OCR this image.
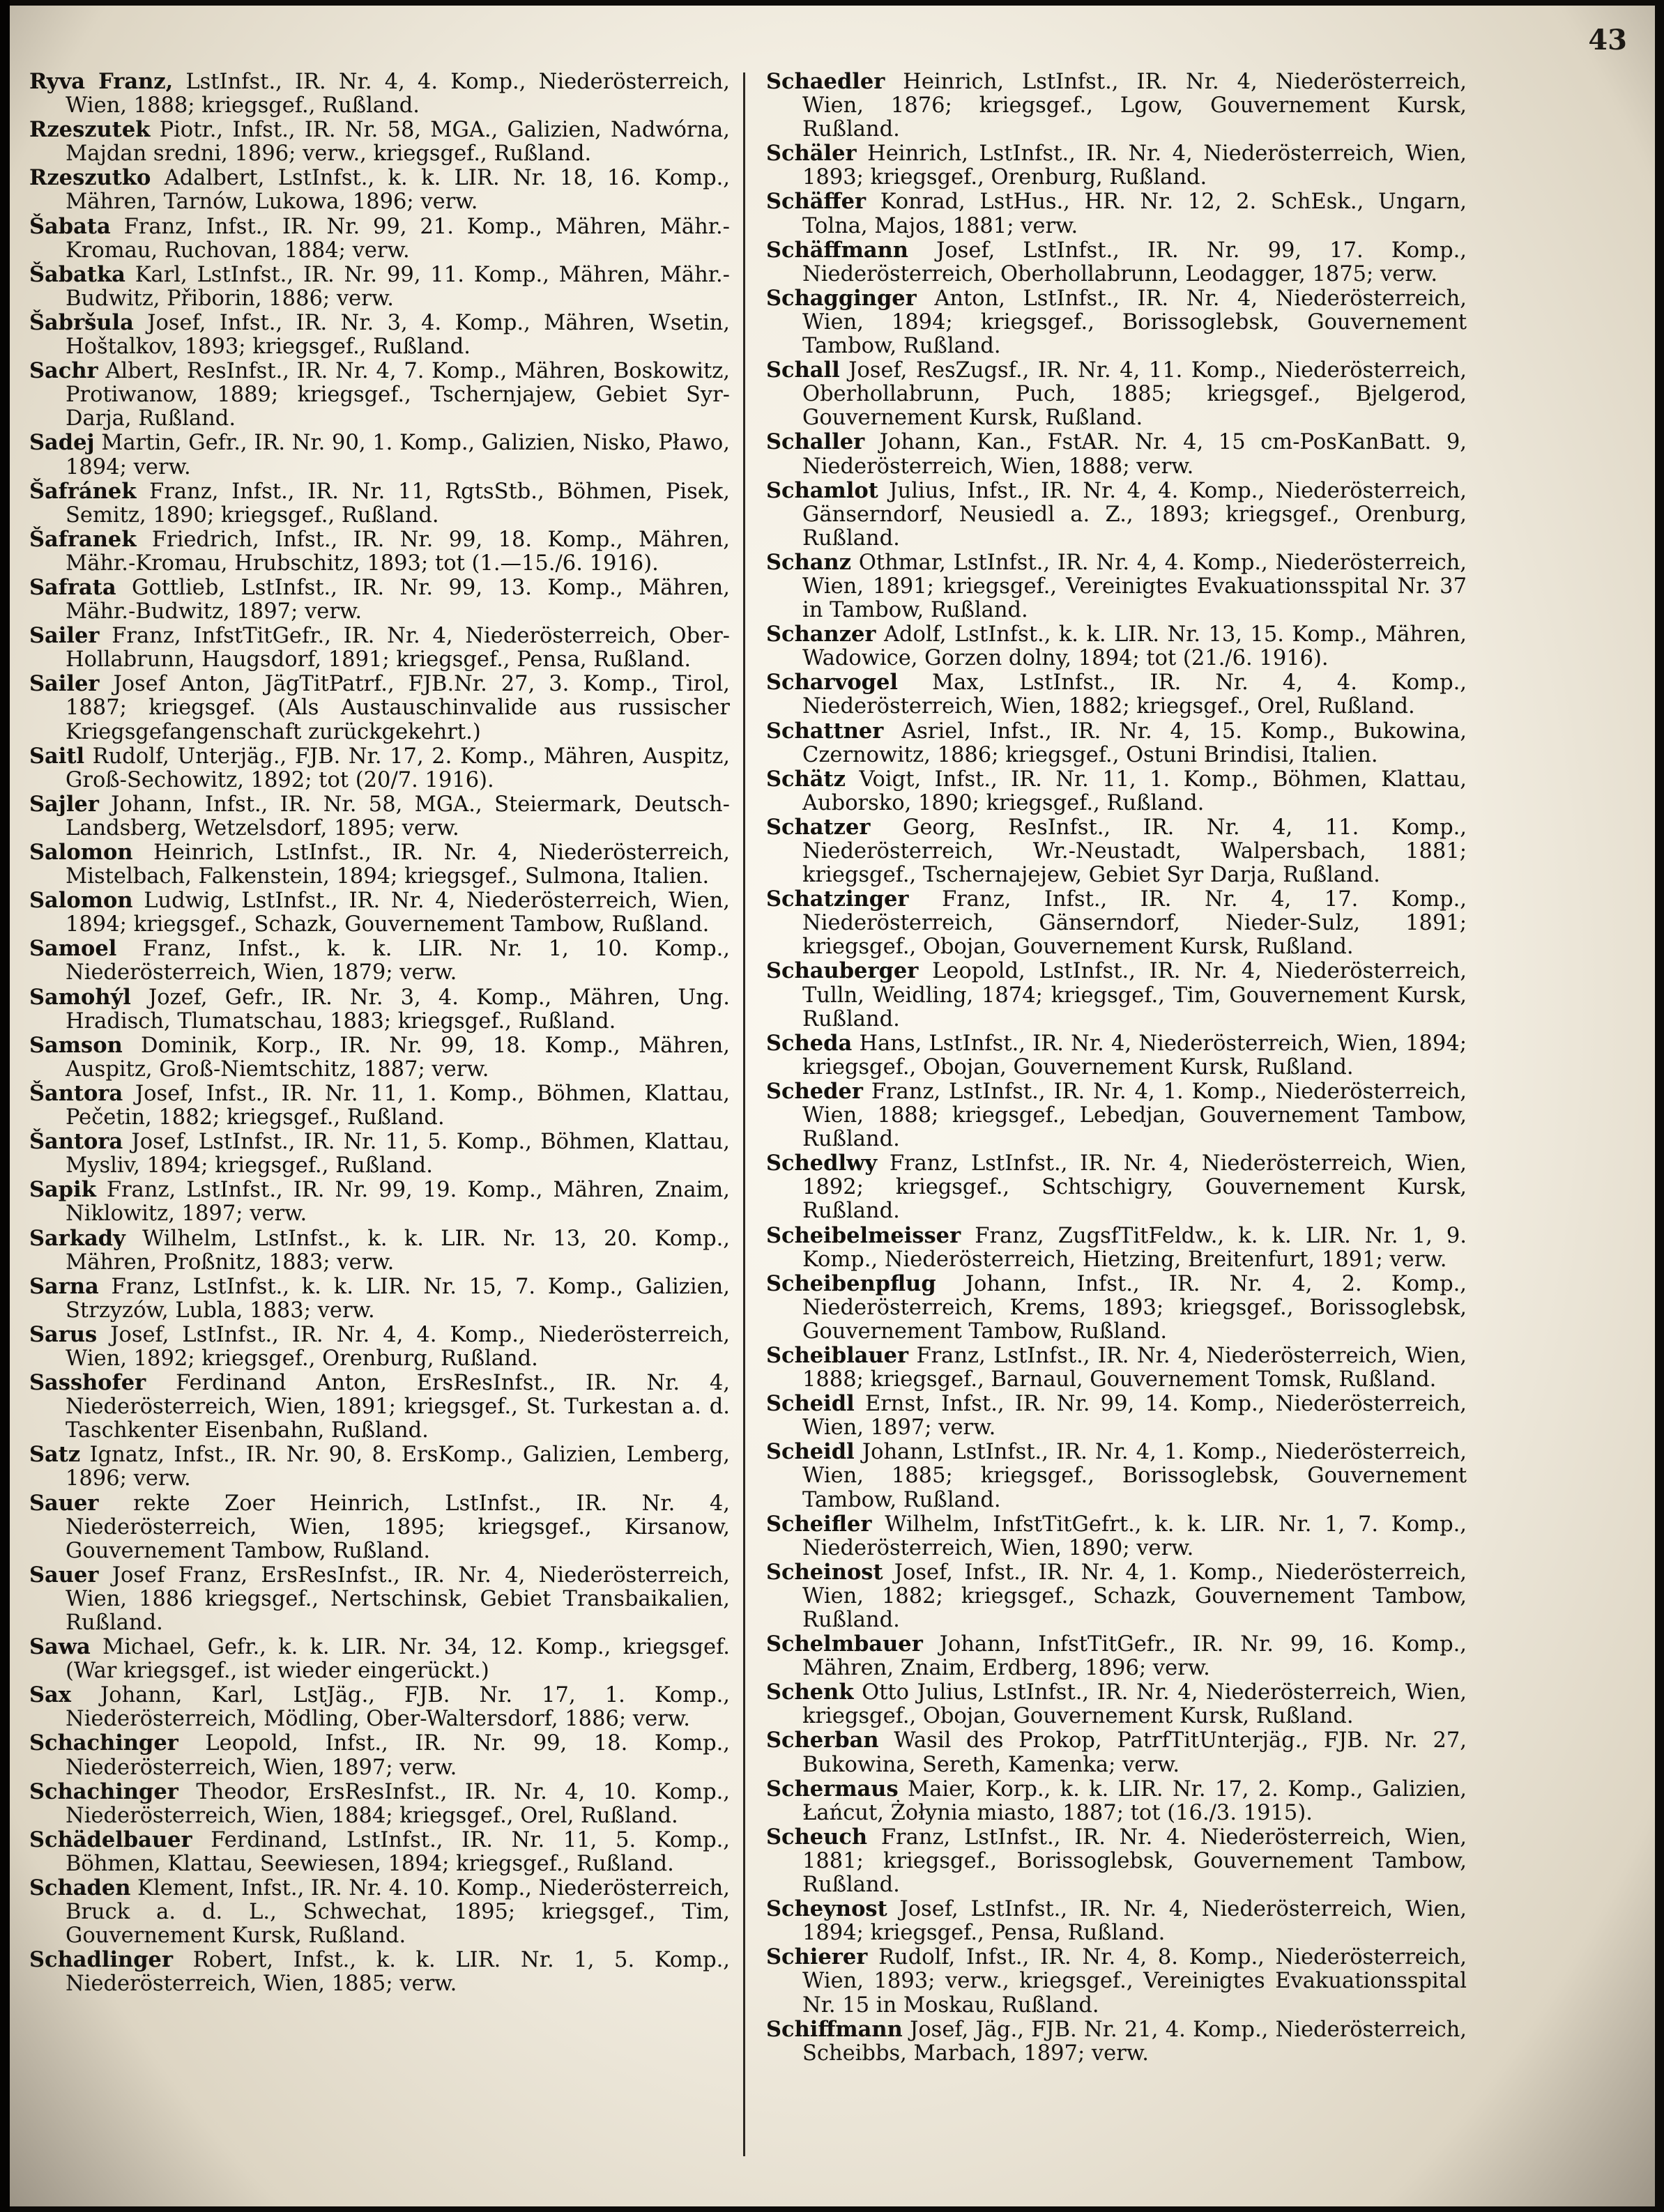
43

Ryva Franz, LstInfst., IR. Nr. 4, 4. Komp., Niederösterreich, Wien, 1888; kriegsgef., Rußland.

Rzeszutek Piotr., Infst., IR. Nr. 58, MGA., Galizien, Nadwórna, Majdan sredni, 1896; verw., kriegsgef., Rußland.

Rzeszutko Adalbert, LstInfst., k. k. LIR. Nr. 18, 16. Komp., Mähren, Tarnów, Lukowa, 1896; verw.

Šabata Franz, Infst., IR. Nr. 99, 21. Komp., Mähren, Mähr.-Kromau, Ruchovan, 1884; verw.

Šabatka Karl, LstInfst., IR. Nr. 99, 11. Komp., Mähren, Mähr.-Budwitz, Přiborin, 1886; verw.

Šabršula Josef, Infst., IR. Nr. 3, 4. Komp., Mähren, Wsetin, Hoštalkov, 1893; kriegsgef., Rußland.

Sachr Albert, ResInfst., IR. Nr. 4, 7. Komp., Mähren, Boskowitz, Protiwanow, 1889; kriegsgef., Tschernjajew, Gebiet Syr-Darja, Rußland.

Sadej Martin, Gefr., IR. Nr. 90, 1. Komp., Galizien, Nisko, Pławo, 1894; verw.

Šafránek Franz, Infst., IR. Nr. 11, RgtsStb., Böhmen, Pisek, Semitz, 1890; kriegsgef., Rußland.

Šafranek Friedrich, Infst., IR. Nr. 99, 18. Komp., Mähren, Mähr.-Kromau, Hrubschitz, 1893; tot (1.—15./6. 1916).

Safrata Gottlieb, LstInfst., IR. Nr. 99, 13. Komp., Mähren, Mähr.-Budwitz, 1897; verw.

Sailer Franz, InfstTitGefr., IR. Nr. 4, Niederösterreich, Ober-Hollabrunn, Haugsdorf, 1891; kriegsgef., Pensa, Rußland.

Sailer Josef Anton, JägTitPatrf., FJB.Nr. 27, 3. Komp., Tirol, 1887; kriegsgef. (Als Austauschinvalide aus russischer Kriegsgefangenschaft zurückgekehrt.)

Saitl Rudolf, Unterjäg., FJB. Nr. 17, 2. Komp., Mähren, Auspitz, Groß-Sechowitz, 1892; tot (20/7. 1916).

Sajler Johann, Infst., IR. Nr. 58, MGA., Steiermark, Deutsch-Landsberg, Wetzelsdorf, 1895; verw.

Salomon Heinrich, LstInfst., IR. Nr. 4, Niederösterreich, Mistelbach, Falkenstein, 1894; kriegsgef., Sulmona, Italien.

Salomon Ludwig, LstInfst., IR. Nr. 4, Niederösterreich, Wien, 1894; kriegsgef., Schazk, Gouvernement Tambow, Rußland.

Samoel Franz, Infst., k. k. LIR. Nr. 1, 10. Komp., Niederösterreich, Wien, 1879; verw.

Samohýl Jozef, Gefr., IR. Nr. 3, 4. Komp., Mähren, Ung. Hradisch, Tlumatschau, 1883; kriegsgef., Rußland.

Samson Dominik, Korp., IR. Nr. 99, 18. Komp., Mähren, Auspitz, Groß-Niemtschitz, 1887; verw.

Šantora Josef, Infst., IR. Nr. 11, 1. Komp., Böhmen, Klattau, Pečetin, 1882; kriegsgef., Rußland.

Šantora Josef, LstInfst., IR. Nr. 11, 5. Komp., Böhmen, Klattau, Mysliv, 1894; kriegsgef., Rußland.

Sapik Franz, LstInfst., IR. Nr. 99, 19. Komp., Mähren, Znaim, Niklowitz, 1897; verw.

Sarkady Wilhelm, LstInfst., k. k. LIR. Nr. 13, 20. Komp., Mähren, Proßnitz, 1883; verw.

Sarna Franz, LstInfst., k. k. LIR. Nr. 15, 7. Komp., Galizien, Strzyzów, Lubla, 1883; verw.

Sarus Josef, LstInfst., IR. Nr. 4, 4. Komp., Niederösterreich, Wien, 1892; kriegsgef., Orenburg, Rußland.

Sasshofer Ferdinand Anton, ErsResInfst., IR. Nr. 4, Niederösterreich, Wien, 1891; kriegsgef., St. Turkestan a. d. Taschkenter Eisenbahn, Rußland.

Satz Ignatz, Infst., IR. Nr. 90, 8. ErsKomp., Galizien, Lemberg, 1896; verw.

Sauer rekte Zoer Heinrich, LstInfst., IR. Nr. 4, Niederösterreich, Wien, 1895; kriegsgef., Kirsanow, Gouvernement Tambow, Rußland.

Sauer Josef Franz, ErsResInfst., IR. Nr. 4, Niederösterreich, Wien, 1886 kriegsgef., Nertschinsk, Gebiet Transbaikalien, Rußland.

Sawa Michael, Gefr., k. k. LIR. Nr. 34, 12. Komp., kriegsgef. (War kriegsgef., ist wieder eingerückt.)

Sax Johann, Karl, LstJäg., FJB. Nr. 17, 1. Komp., Niederösterreich, Mödling, Ober-Waltersdorf, 1886; verw.

Schachinger Leopold, Infst., IR. Nr. 99, 18. Komp., Niederösterreich, Wien, 1897; verw.

Schachinger Theodor, ErsResInfst., IR. Nr. 4, 10. Komp., Niederösterreich, Wien, 1884; kriegsgef., Orel, Rußland.

Schädelbauer Ferdinand, LstInfst., IR. Nr. 11, 5. Komp., Böhmen, Klattau, Seewiesen, 1894; kriegsgef., Rußland.

Schaden Klement, Infst., IR. Nr. 4. 10. Komp., Niederösterreich, Bruck a. d. L., Schwechat, 1895; kriegsgef., Tim, Gouvernement Kursk, Rußland.

Schadlinger Robert, Infst., k. k. LIR. Nr. 1, 5. Komp., Niederösterreich, Wien, 1885; verw.

Schaedler Heinrich, LstInfst., IR. Nr. 4, Niederösterreich, Wien, 1876; kriegsgef., Lgow, Gouvernement Kursk, Rußland.

Schäler Heinrich, LstInfst., IR. Nr. 4, Niederösterreich, Wien, 1893; kriegsgef., Orenburg, Rußland.

Schäffer Konrad, LstHus., HR. Nr. 12, 2. SchEsk., Ungarn, Tolna, Majos, 1881; verw.

Schäffmann Josef, LstInfst., IR. Nr. 99, 17. Komp., Niederösterreich, Oberhollabrunn, Leodagger, 1875; verw.

Schagginger Anton, LstInfst., IR. Nr. 4, Niederösterreich, Wien, 1894; kriegsgef., Borissoglebsk, Gouvernement Tambow, Rußland.

Schall Josef, ResZugsf., IR. Nr. 4, 11. Komp., Niederösterreich, Oberhollabrunn, Puch, 1885; kriegsgef., Bjelgerod, Gouvernement Kursk, Rußland.

Schaller Johann, Kan., FstAR. Nr. 4, 15 cm-PosKanBatt. 9, Niederösterreich, Wien, 1888; verw.

Schamlot Julius, Infst., IR. Nr. 4, 4. Komp., Niederösterreich, Gänserndorf, Neusiedl a. Z., 1893; kriegsgef., Orenburg, Rußland.

Schanz Othmar, LstInfst., IR. Nr. 4, 4. Komp., Niederösterreich, Wien, 1891; kriegsgef., Vereinigtes Evakuationsspital Nr. 37 in Tambow, Rußland.

Schanzer Adolf, LstInfst., k. k. LIR. Nr. 13, 15. Komp., Mähren, Wadowice, Gorzen dolny, 1894; tot (21./6. 1916).

Scharvogel Max, LstInfst., IR. Nr. 4, 4. Komp., Niederösterreich, Wien, 1882; kriegsgef., Orel, Rußland.

Schattner Asriel, Infst., IR. Nr. 4, 15. Komp., Bukowina, Czernowitz, 1886; kriegsgef., Ostuni Brindisi, Italien.

Schätz Voigt, Infst., IR. Nr. 11, 1. Komp., Böhmen, Klattau, Auborsko, 1890; kriegsgef., Rußland.

Schatzer Georg, ResInfst., IR. Nr. 4, 11. Komp., Niederösterreich, Wr.-Neustadt, Walpersbach, 1881; kriegsgef., Tschernajejew, Gebiet Syr Darja, Rußland.

Schatzinger Franz, Infst., IR. Nr. 4, 17. Komp., Niederösterreich, Gänserndorf, Nieder-Sulz, 1891; kriegsgef., Obojan, Gouvernement Kursk, Rußland.

Schauberger Leopold, LstInfst., IR. Nr. 4, Niederösterreich, Tulln, Weidling, 1874; kriegsgef., Tim, Gouvernement Kursk, Rußland.

Scheda Hans, LstInfst., IR. Nr. 4, Niederösterreich, Wien, 1894; kriegsgef., Obojan, Gouvernement Kursk, Rußland.

Scheder Franz, LstInfst., IR. Nr. 4, 1. Komp., Niederösterreich, Wien, 1888; kriegsgef., Lebedjan, Gouvernement Tambow, Rußland.

Schedlwy Franz, LstInfst., IR. Nr. 4, Niederösterreich, Wien, 1892; kriegsgef., Schtschigry, Gouvernement Kursk, Rußland.

Scheibelmeisser Franz, ZugsfTitFeldw., k. k. LIR. Nr. 1, 9. Komp., Niederösterreich, Hietzing, Breitenfurt, 1891; verw.

Scheibenpflug Johann, Infst., IR. Nr. 4, 2. Komp., Niederösterreich, Krems, 1893; kriegsgef., Borissoglebsk, Gouvernement Tambow, Rußland.

Scheiblauer Franz, LstInfst., IR. Nr. 4, Niederösterreich, Wien, 1888; kriegsgef., Barnaul, Gouvernement Tomsk, Rußland.

Scheidl Ernst, Infst., IR. Nr. 99, 14. Komp., Niederösterreich, Wien, 1897; verw.

Scheidl Johann, LstInfst., IR. Nr. 4, 1. Komp., Niederösterreich, Wien, 1885; kriegsgef., Borissoglebsk, Gouvernement Tambow, Rußland.

Scheifler Wilhelm, InfstTitGefrt., k. k. LIR. Nr. 1, 7. Komp., Niederösterreich, Wien, 1890; verw.

Scheinost Josef, Infst., IR. Nr. 4, 1. Komp., Niederösterreich, Wien, 1882; kriegsgef., Schazk, Gouvernement Tambow, Rußland.

Schelmbauer Johann, InfstTitGefr., IR. Nr. 99, 16. Komp., Mähren, Znaim, Erdberg, 1896; verw.

Schenk Otto Julius, LstInfst., IR. Nr. 4, Niederösterreich, Wien, kriegsgef., Obojan, Gouvernement Kursk, Rußland.

Scherban Wasil des Prokop, PatrfTitUnterjäg., FJB. Nr. 27, Bukowina, Sereth, Kamenka; verw.

Schermaus Maier, Korp., k. k. LIR. Nr. 17, 2. Komp., Galizien, Łańcut, Żołynia miasto, 1887; tot (16./3. 1915).

Scheuch Franz, LstInfst., IR. Nr. 4. Niederösterreich, Wien, 1881; kriegsgef., Borissoglebsk, Gouvernement Tambow, Rußland.

Scheynost Josef, LstInfst., IR. Nr. 4, Niederösterreich, Wien, 1894; kriegsgef., Pensa, Rußland.

Schierer Rudolf, Infst., IR. Nr. 4, 8. Komp., Niederösterreich, Wien, 1893; verw., kriegsgef., Vereinigtes Evakuationsspital Nr. 15 in Moskau, Rußland.

Schiffmann Josef, Jäg., FJB. Nr. 21, 4. Komp., Niederösterreich, Scheibbs, Marbach, 1897; verw.
